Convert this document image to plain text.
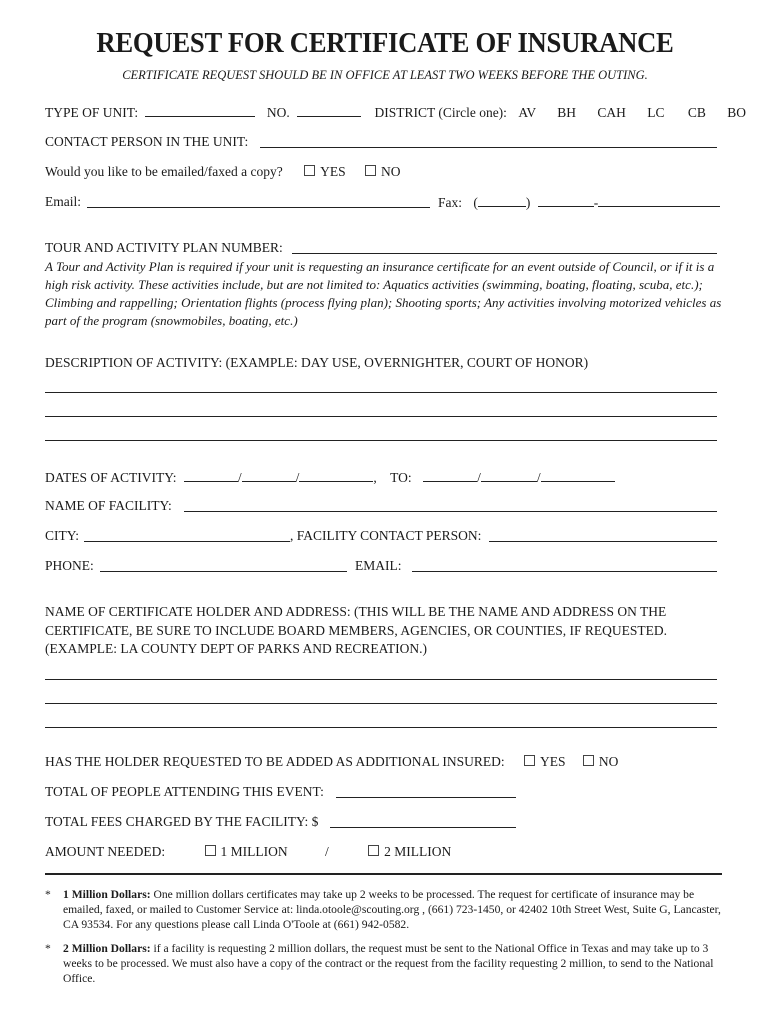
REQUEST FOR CERTIFICATE OF INSURANCE
CERTIFICATE REQUEST SHOULD BE IN OFFICE AT LEAST TWO WEEKS BEFORE THE OUTING.
TYPE OF UNIT:	NO.	DISTRICT (Circle one): AV BH CAH LC CB BO
CONTACT PERSON IN THE UNIT:
Would you like to be emailed/faxed a copy?	YES	NO
Email:	Fax: (	)	-
TOUR AND ACTIVITY PLAN NUMBER:
A Tour and Activity Plan is required if your unit is requesting an insurance certificate for an event outside of Council, or if it is a high risk activity. These activities include, but are not limited to: Aquatics activities (swimming, boating, floating, scuba, etc.); Climbing and rappelling; Orientation flights (process flying plan); Shooting sports; Any activities involving motorized vehicles as part of the program (snowmobiles, boating, etc.)
DESCRIPTION OF ACTIVITY: (EXAMPLE: DAY USE, OVERNIGHTER, COURT OF HONOR)
DATES OF ACTIVITY:	/	/	, TO:	/	/
NAME OF FACILITY:
CITY:	, FACILITY CONTACT PERSON:
PHONE:	EMAIL:
NAME OF CERTIFICATE HOLDER AND ADDRESS: (THIS WILL BE THE NAME AND ADDRESS ON THE CERTIFICATE, BE SURE TO INCLUDE BOARD MEMBERS, AGENCIES, OR COUNTIES, IF REQUESTED. (EXAMPLE: LA COUNTY DEPT OF PARKS AND RECREATION.)
HAS THE HOLDER REQUESTED TO BE ADDED AS ADDITIONAL INSURED:	YES NO
TOTAL OF PEOPLE ATTENDING THIS EVENT:
TOTAL FEES CHARGED BY THE FACILITY: $
AMOUNT NEEDED:	1 MILLION	/	2 MILLION
* 1 Million Dollars: One million dollars certificates may take up 2 weeks to be processed. The request for certificate of insurance may be emailed, faxed, or mailed to Customer Service at: linda.otoole@scouting.org , (661) 723-1450, or 42402 10th Street West, Suite G, Lancaster, CA 93534. For any questions please call Linda O'Toole at (661) 942-0582.
* 2 Million Dollars: if a facility is requesting 2 million dollars, the request must be sent to the National Office in Texas and may take up to 3 weeks to be processed. We must also have a copy of the contract or the request from the facility requesting 2 million, to send to the National Office.
